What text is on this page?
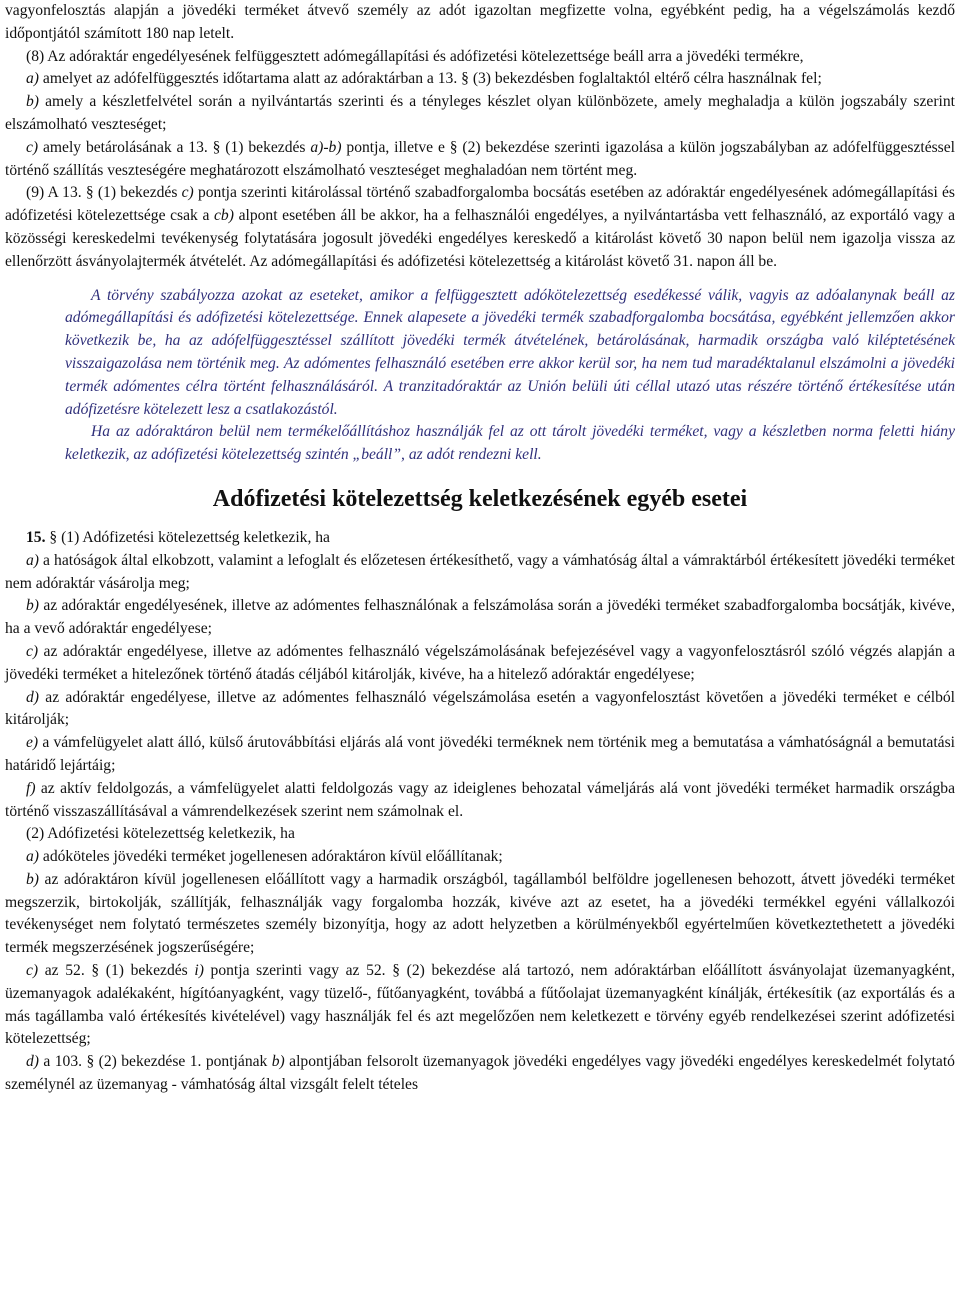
vagyonfelosztás alapján a jövedéki terméket átvevő személy az adót igazoltan megfizette volna, egyébként pedig, ha a végelszámolás kezdő időpontjától számított 180 nap letelt.

(8) Az adóraktár engedélyesének felfüggesztett adómegállapítási és adófizetési kötelezettsége beáll arra a jövedéki termékre,

a) amelyet az adófelfüggesztés időtartama alatt az adóraktárban a 13. § (3) bekezdésben foglaltaktól eltérő célra használnak fel;

b) amely a készletfelvétel során a nyilvántartás szerinti és a tényleges készlet olyan különbözete, amely meghaladja a külön jogszabály szerint elszámolható veszteséget;

c) amely betárolásának a 13. § (1) bekezdés a)-b) pontja, illetve e § (2) bekezdése szerinti igazolása a külön jogszabályban az adófelfüggesztéssel történő szállítás veszteségére meghatározott elszámolható veszteséget meghaladóan nem történt meg.

(9) A 13. § (1) bekezdés c) pontja szerinti kitárolással történő szabadforgalomba bocsátás esetében az adóraktár engedélyesének adómegállapítási és adófizetési kötelezettsége csak a cb) alpont esetében áll be akkor, ha a felhasználói engedélyes, a nyilvántartásba vett felhasználó, az exportáló vagy a közösségi kereskedelmi tevékenység folytatására jogosult jövedéki engedélyes kereskedő a kitárolást követő 30 napon belül nem igazolja vissza az ellenőrzött ásványolajtermék átvételét. Az adómegállapítási és adófizetési kötelezettség a kitárolást követő 31. napon áll be.

A törvény szabályozza azokat az eseteket, amikor a felfüggesztett adókötelezettség esedékessé válik, vagyis az adóalanynak beáll az adómegállapítási és adófizetési kötelezettsége. Ennek alapesete a jövedéki termék szabadforgalomba bocsátása, egyébként jellemzően akkor következik be, ha az adófelfüggesztéssel szállított jövedéki termék átvételének, betárolásának, harmadik országba való kiléptetésének visszaigazolása nem történik meg. Az adómentes felhasználó esetében erre akkor kerül sor, ha nem tud maradéktalanul elszámolni a jövedéki termék adómentes célra történt felhasználásáról. A tranzitadóraktár az Unión belüli úti céllal utazó utas részére történő értékesítése után adófizetésre kötelezett lesz a csatlakozástól.

Ha az adóraktáron belül nem termékelőállításhoz használják fel az ott tárolt jövedéki terméket, vagy a készletben norma feletti hiány keletkezik, az adófizetési kötelezettség szintén „beáll”, az adót rendezni kell.

Adófizetési kötelezettség keletkezésének egyéb esetei

15. § (1) Adófizetési kötelezettség keletkezik, ha

a) a hatóságok által elkobzott, valamint a lefoglalt és előzetesen értékesíthető, vagy a vámhatóság által a vámraktárból értékesített jövedéki terméket nem adóraktár vásárolja meg;

b) az adóraktár engedélyesének, illetve az adómentes felhasználónak a felszámolása során a jövedéki terméket szabadforgalomba bocsátják, kivéve, ha a vevő adóraktár engedélyese;

c) az adóraktár engedélyese, illetve az adómentes felhasználó végelszámolásának befejezésével vagy a vagyonfelosztásról szóló végzés alapján a jövedéki terméket a hitelezőnek történő átadás céljából kitárolják, kivéve, ha a hitelező adóraktár engedélyese;

d) az adóraktár engedélyese, illetve az adómentes felhasználó végelszámolása esetén a vagyonfelosztást követően a jövedéki terméket e célból kitárolják;

e) a vámfelügyelet alatt álló, külső árutovábbítási eljárás alá vont jövedéki terméknek nem történik meg a bemutatása a vámhatóságnál a bemutatási határidő lejártáig;

f) az aktív feldolgozás, a vámfelügyelet alatti feldolgozás vagy az ideiglenes behozatal vámeljárás alá vont jövedéki terméket harmadik országba történő visszaszállításával a vámrendelkezések szerint nem számolnak el.

(2) Adófizetési kötelezettség keletkezik, ha

a) adóköteles jövedéki terméket jogellenesen adóraktáron kívül előállítanak;

b) az adóraktáron kívül jogellenesen előállított vagy a harmadik országból, tagállamból belföldre jogellenesen behozott, átvett jövedéki terméket megszerzik, birtokolják, szállítják, felhasználják vagy forgalomba hozzák, kivéve azt az esetet, ha a jövedéki termékkel egyéni vállalkozói tevékenységet nem folytató természetes személy bizonyítja, hogy az adott helyzetben a körülményekből egyértelműen következtethetett a jövedéki termék megszerzésének jogszerűségére;

c) az 52. § (1) bekezdés i) pontja szerinti vagy az 52. § (2) bekezdése alá tartozó, nem adóraktárban előállított ásványolajat üzemanyagként, üzemanyagok adalékaként, hígítóanyagként, vagy tüzelő-, fűtőanyagként, továbbá a fűtőolajat üzemanyagként kínálják, értékesítik (az exportálás és a más tagállamba való értékesítés kivételével) vagy használják fel és azt megelőzően nem keletkezett e törvény egyéb rendelkezései szerint adófizetési kötelezettség;

d) a 103. § (2) bekezdése 1. pontjának b) alpontjában felsorolt üzemanyagok jövedéki engedélyes vagy jövedéki engedélyes kereskedelmét folytató személynél az üzemanyag - vámhatóság által vizsgált felelt tételes
